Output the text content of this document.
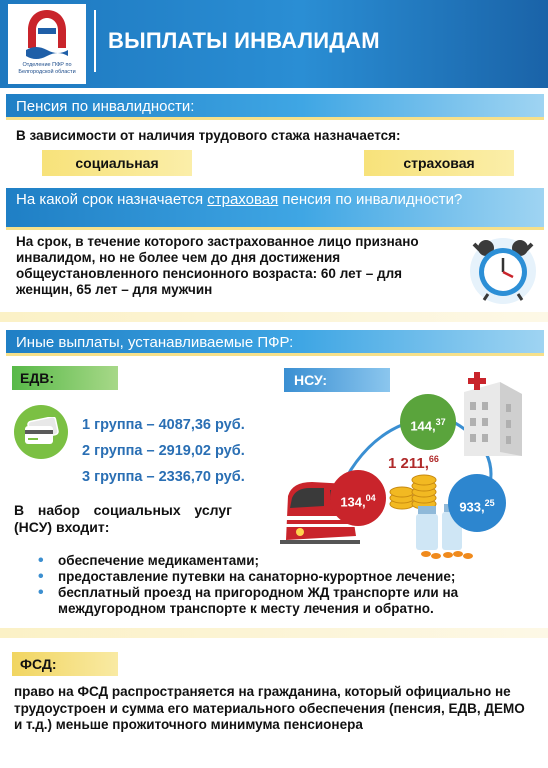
Отделение ПФР по Белгородской области
ВЫПЛАТЫ ИНВАЛИДАМ
Пенсия по инвалидности:
В зависимости от наличия трудового стажа назначается:
социальная	страховая
На какой срок назначается страховая пенсия по инвалидности?
На срок, в течение которого застрахованное лицо признано инвалидом, но не более чем до дня достижения общеустановленного пенсионного возраста: 60 лет – для женщин, 65 лет – для мужчин
Иные выплаты, устанавливаемые ПФР:
ЕДВ:	НСУ:
1 группа – 4087,36 руб.
2 группа – 2919,02 руб.
3 группа – 2336,70 руб.
В набор социальных услуг
(НСУ) входит:
144,37
1 211,66
134,04
933,25
• обеспечение медикаментами;
• предоставление путевки на санаторно-курортное лечение;
• бесплатный проезд на пригородном ЖД транспорте или на междугородном транспорте к месту лечения и обратно.
ФСД:
право на ФСД распространяется на гражданина, который официально не трудоустроен и сумма его материального обеспечения (пенсия, ЕДВ, ДЕМО и т.д.) меньше прожиточного минимума пенсионера
